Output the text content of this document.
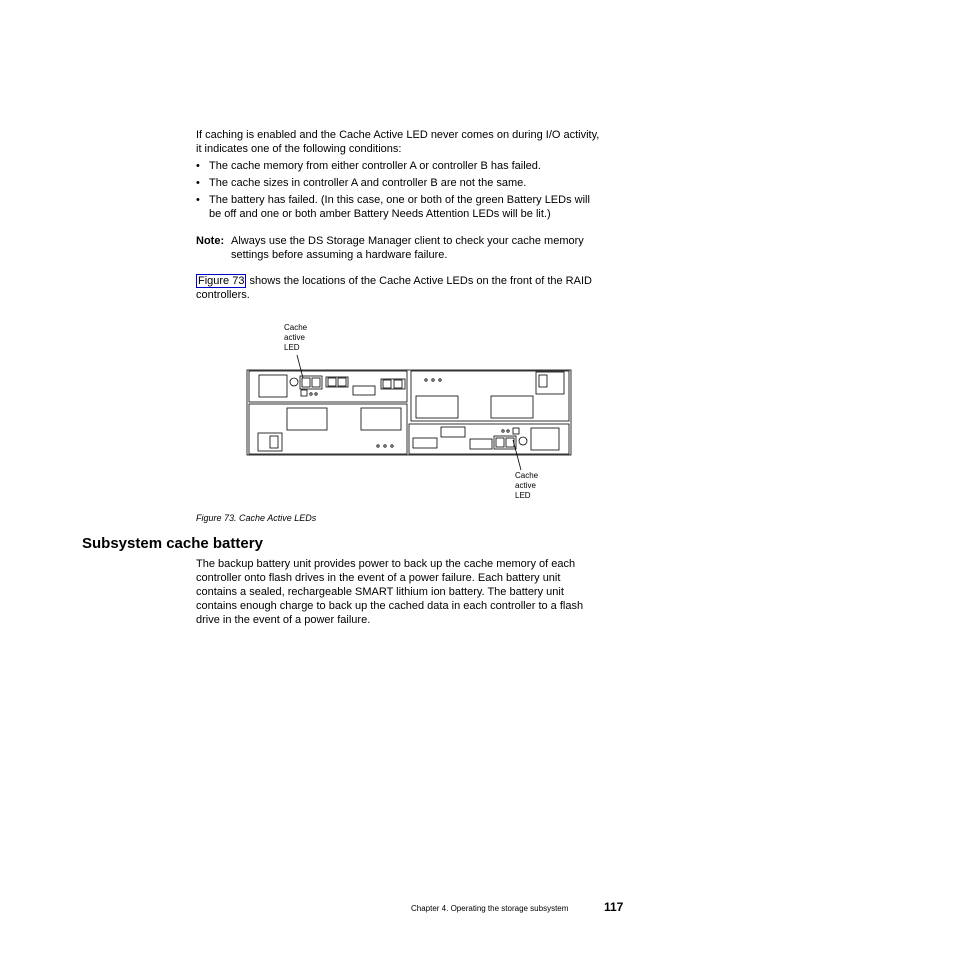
If caching is enabled and the Cache Active LED never comes on during I/O activity,
it indicates one of the following conditions:
• The cache memory from either controller A or controller B has failed.
• The cache sizes in controller A and controller B are not the same.
• The battery has failed. (In this case, one or both of the green Battery LEDs will
be off and one or both amber Battery Needs Attention LEDs will be lit.)
Note: Always use the DS Storage Manager client to check your cache memory
settings before assuming a hardware failure.
Figure 73 shows the locations of the Cache Active LEDs on the front of the RAID
controllers.
Cache
active
LED
Cache
active
LED
Figure 73. Cache Active LEDs
Subsystem cache battery
The backup battery unit provides power to back up the cache memory of each
controller onto flash drives in the event of a power failure. Each battery unit
contains a sealed, rechargeable SMART lithium ion battery. The battery unit
contains enough charge to back up the cached data in each controller to a flash
drive in the event of a power failure.
Chapter 4. Operating the storage subsystem	117
